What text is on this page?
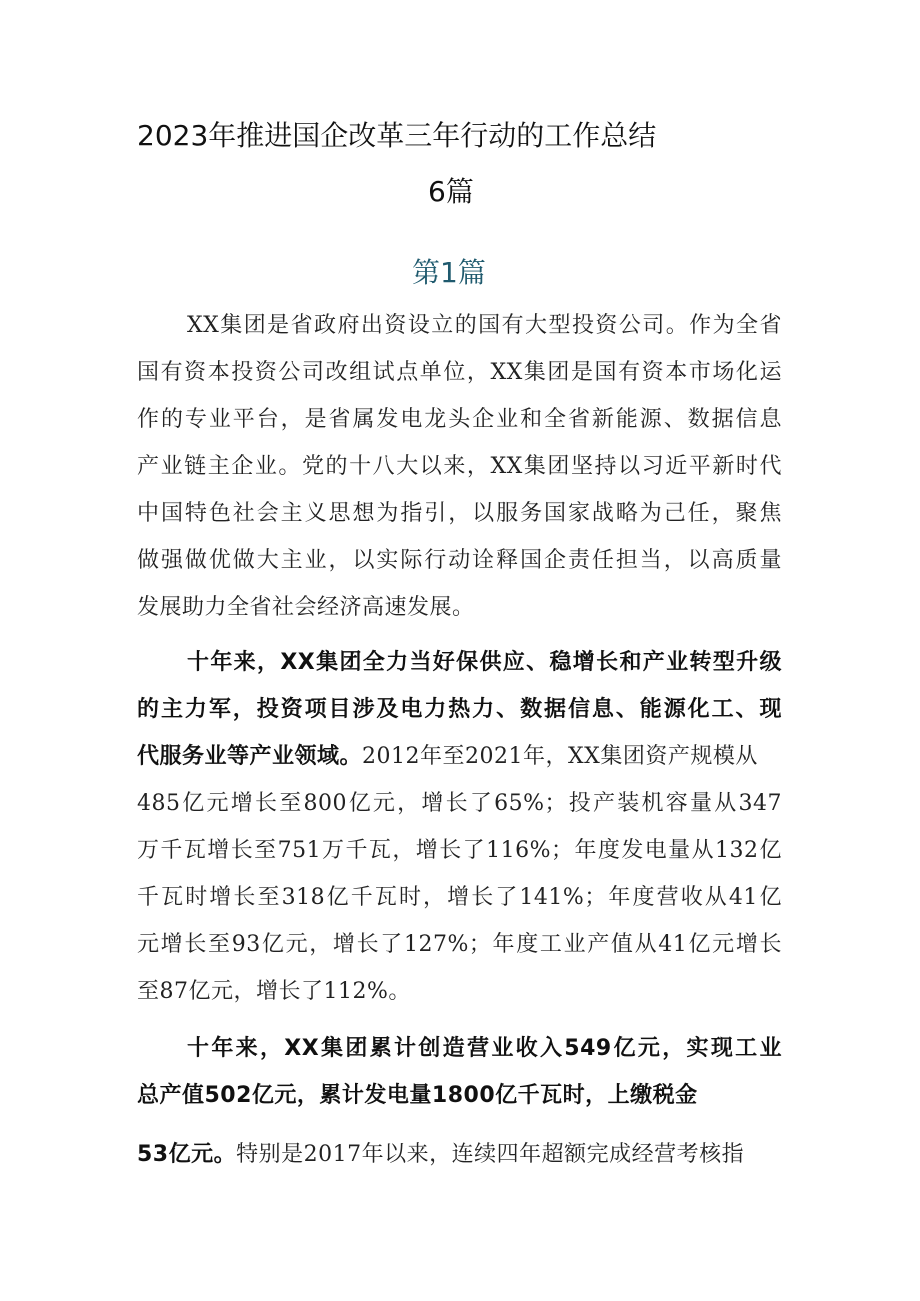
2023年推进国企改革三年行动的工作总结
6篇
第1篇
XX集团是省政府出资设立的国有大型投资公司。作为全省
国有资本投资公司改组试点单位，XX集团是国有资本市场化运
作的专业平台，是省属发电龙头企业和全省新能源、数据信息
产业链主企业。党的十八大以来，XX集团坚持以习近平新时代
中国特色社会主义思想为指引，以服务国家战略为己任，聚焦
做强做优做大主业，以实际行动诠释国企责任担当，以高质量
发展助力全省社会经济高速发展。
十年来，XX集团全力当好保供应、稳增长和产业转型升级
的主力军，投资项目涉及电力热力、数据信息、能源化工、现
代服务业等产业领域。2012年至2021年，XX集团资产规模从
485亿元增长至800亿元，增长了65%；投产装机容量从347
万千瓦增长至751万千瓦，增长了116%；年度发电量从132亿
千瓦时增长至318亿千瓦时，增长了141%；年度营收从41亿
元增长至93亿元，增长了127%；年度工业产值从41亿元增长
至87亿元，增长了112%。
十年来，XX集团累计创造营业收入549亿元，实现工业
总产值502亿元，累计发电量1800亿千瓦时，上缴税金
53亿元。特别是2017年以来，连续四年超额完成经营考核指
